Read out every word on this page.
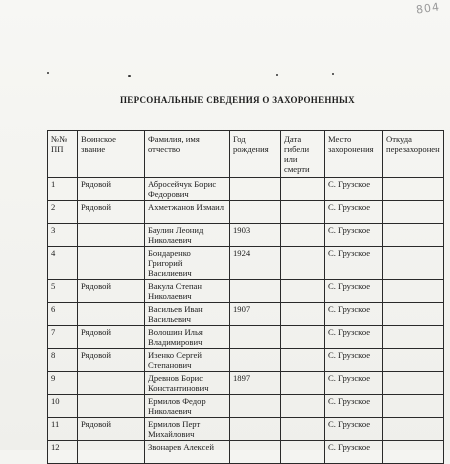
804
ПЕРСОНАЛЬНЫЕ СВЕДЕНИЯ О ЗАХОРОНЕННЫХ
№№ ПП	Воинское звание	Фамилия, имя отчество	Год рождения	Дата гибели или смерти	Место захоронения	Откуда перезахоронен
1	Рядовой	Абросейчук Борис Федорович			С. Грузское	
2	Рядовой	Ахметжанов Измаил			С. Грузское	
3		Баулин Леонид Николаевич	1903		С. Грузское	
4		Бондаренко Григорий Василиевич	1924		С. Грузское	
5	Рядовой	Вакула Степан Николаевич			С. Грузское	
6		Васильев Иван Васильевич	1907		С. Грузское	
7	Рядовой	Волошин Илья Владимирович			С. Грузское	
8	Рядовой	Изенко Сергей Степанович			С. Грузское	
9		Древнов Борис Константинович	1897		С. Грузское	
10		Ермилов Федор Николаевич			С. Грузское	
11	Рядовой	Ермилов Перт Михайлович			С. Грузское	
12		Звонарев Алексей			С. Грузское	
